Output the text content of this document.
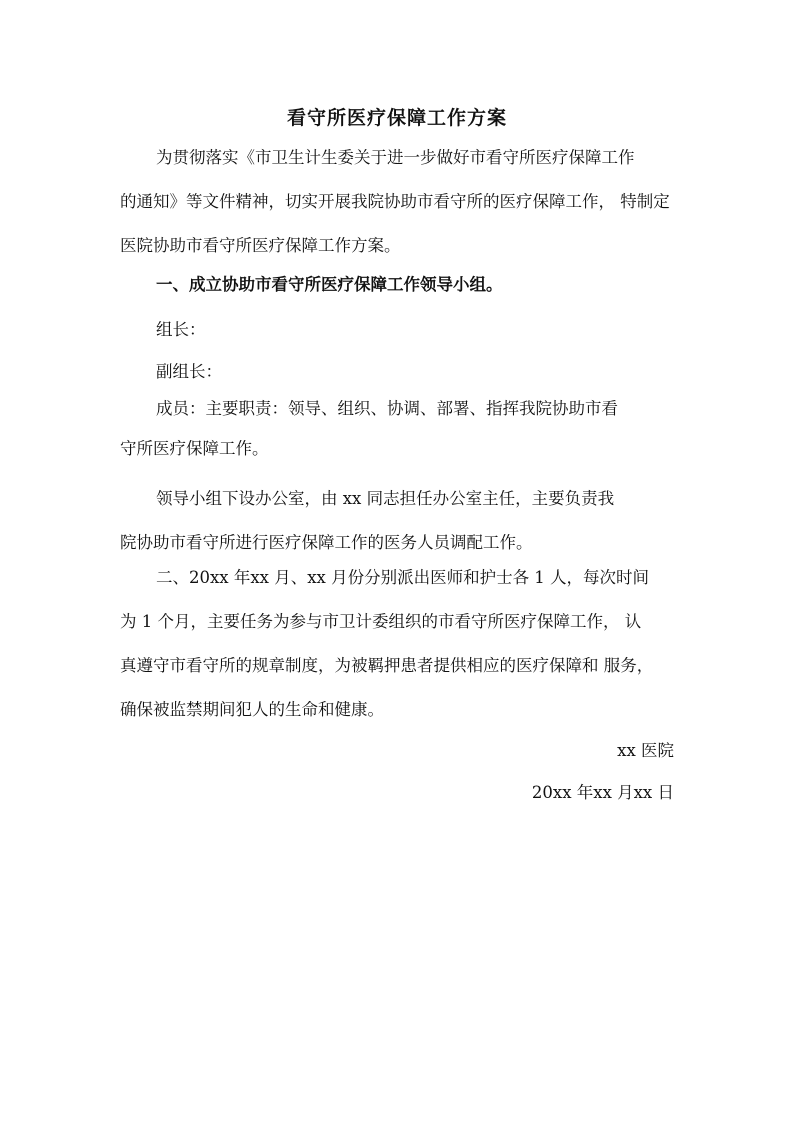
看守所医疗保障工作方案
为贯彻落实《市卫生计生委关于进一步做好市看守所医疗保障工作
的通知》等文件精神，切实开展我院协助市看守所的医疗保障工作， 特制定
医院协助市看守所医疗保障工作方案。
一、成立协助市看守所医疗保障工作领导小组。
组长：
副组长：
成员：主要职责：领导、组织、协调、部署、指挥我院协助市看
守所医疗保障工作。
领导小组下设办公室，由 xx 同志担任办公室主任，主要负责我
院协助市看守所进行医疗保障工作的医务人员调配工作。
二、20xx 年xx 月、xx 月份分别派出医师和护士各 1 人，每次时间
为 1 个月，主要任务为参与市卫计委组织的市看守所医疗保障工作， 认
真遵守市看守所的规章制度，为被羁押患者提供相应的医疗保障和 服务，
确保被监禁期间犯人的生命和健康。
xx 医院
20xx 年xx 月xx 日
